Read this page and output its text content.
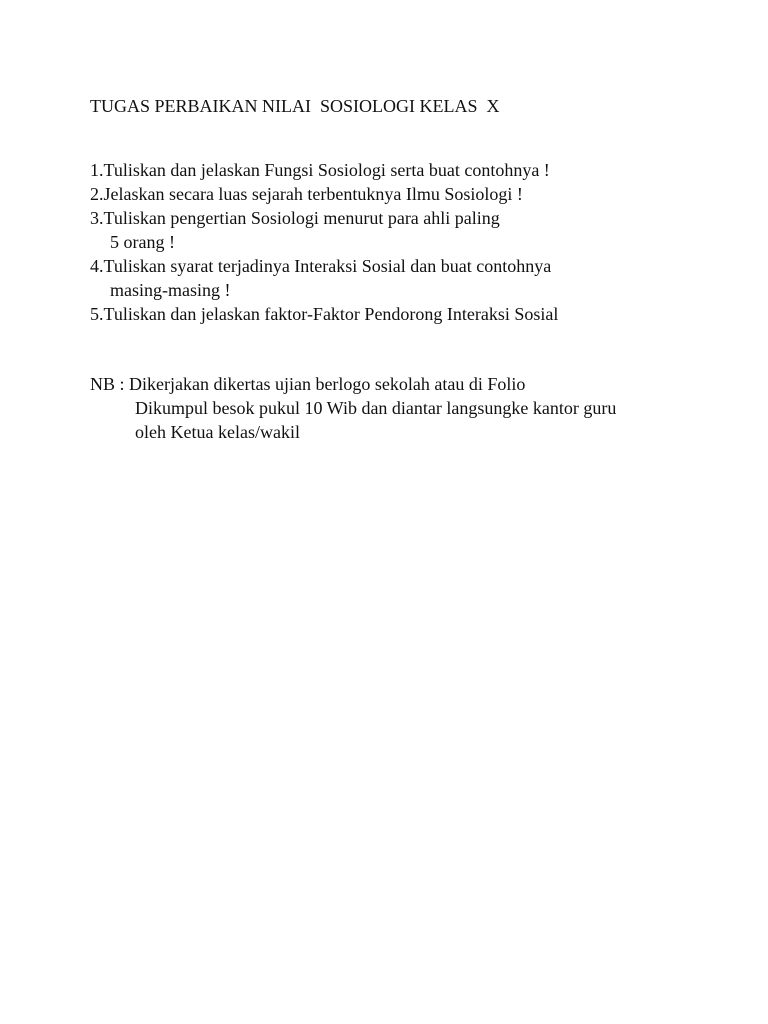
TUGAS PERBAIKAN NILAI  SOSIOLOGI KELAS  X
1.Tuliskan dan jelaskan Fungsi Sosiologi serta buat contohnya !
2.Jelaskan secara luas sejarah terbentuknya Ilmu Sosiologi !
3.Tuliskan pengertian Sosiologi menurut para ahli paling
5 orang !
4.Tuliskan syarat terjadinya Interaksi Sosial dan buat contohnya
masing-masing !
5.Tuliskan dan jelaskan faktor-Faktor Pendorong Interaksi Sosial
NB : Dikerjakan dikertas ujian berlogo sekolah atau di Folio
Dikumpul besok pukul 10 Wib dan diantar langsungke kantor guru
oleh Ketua kelas/wakil
